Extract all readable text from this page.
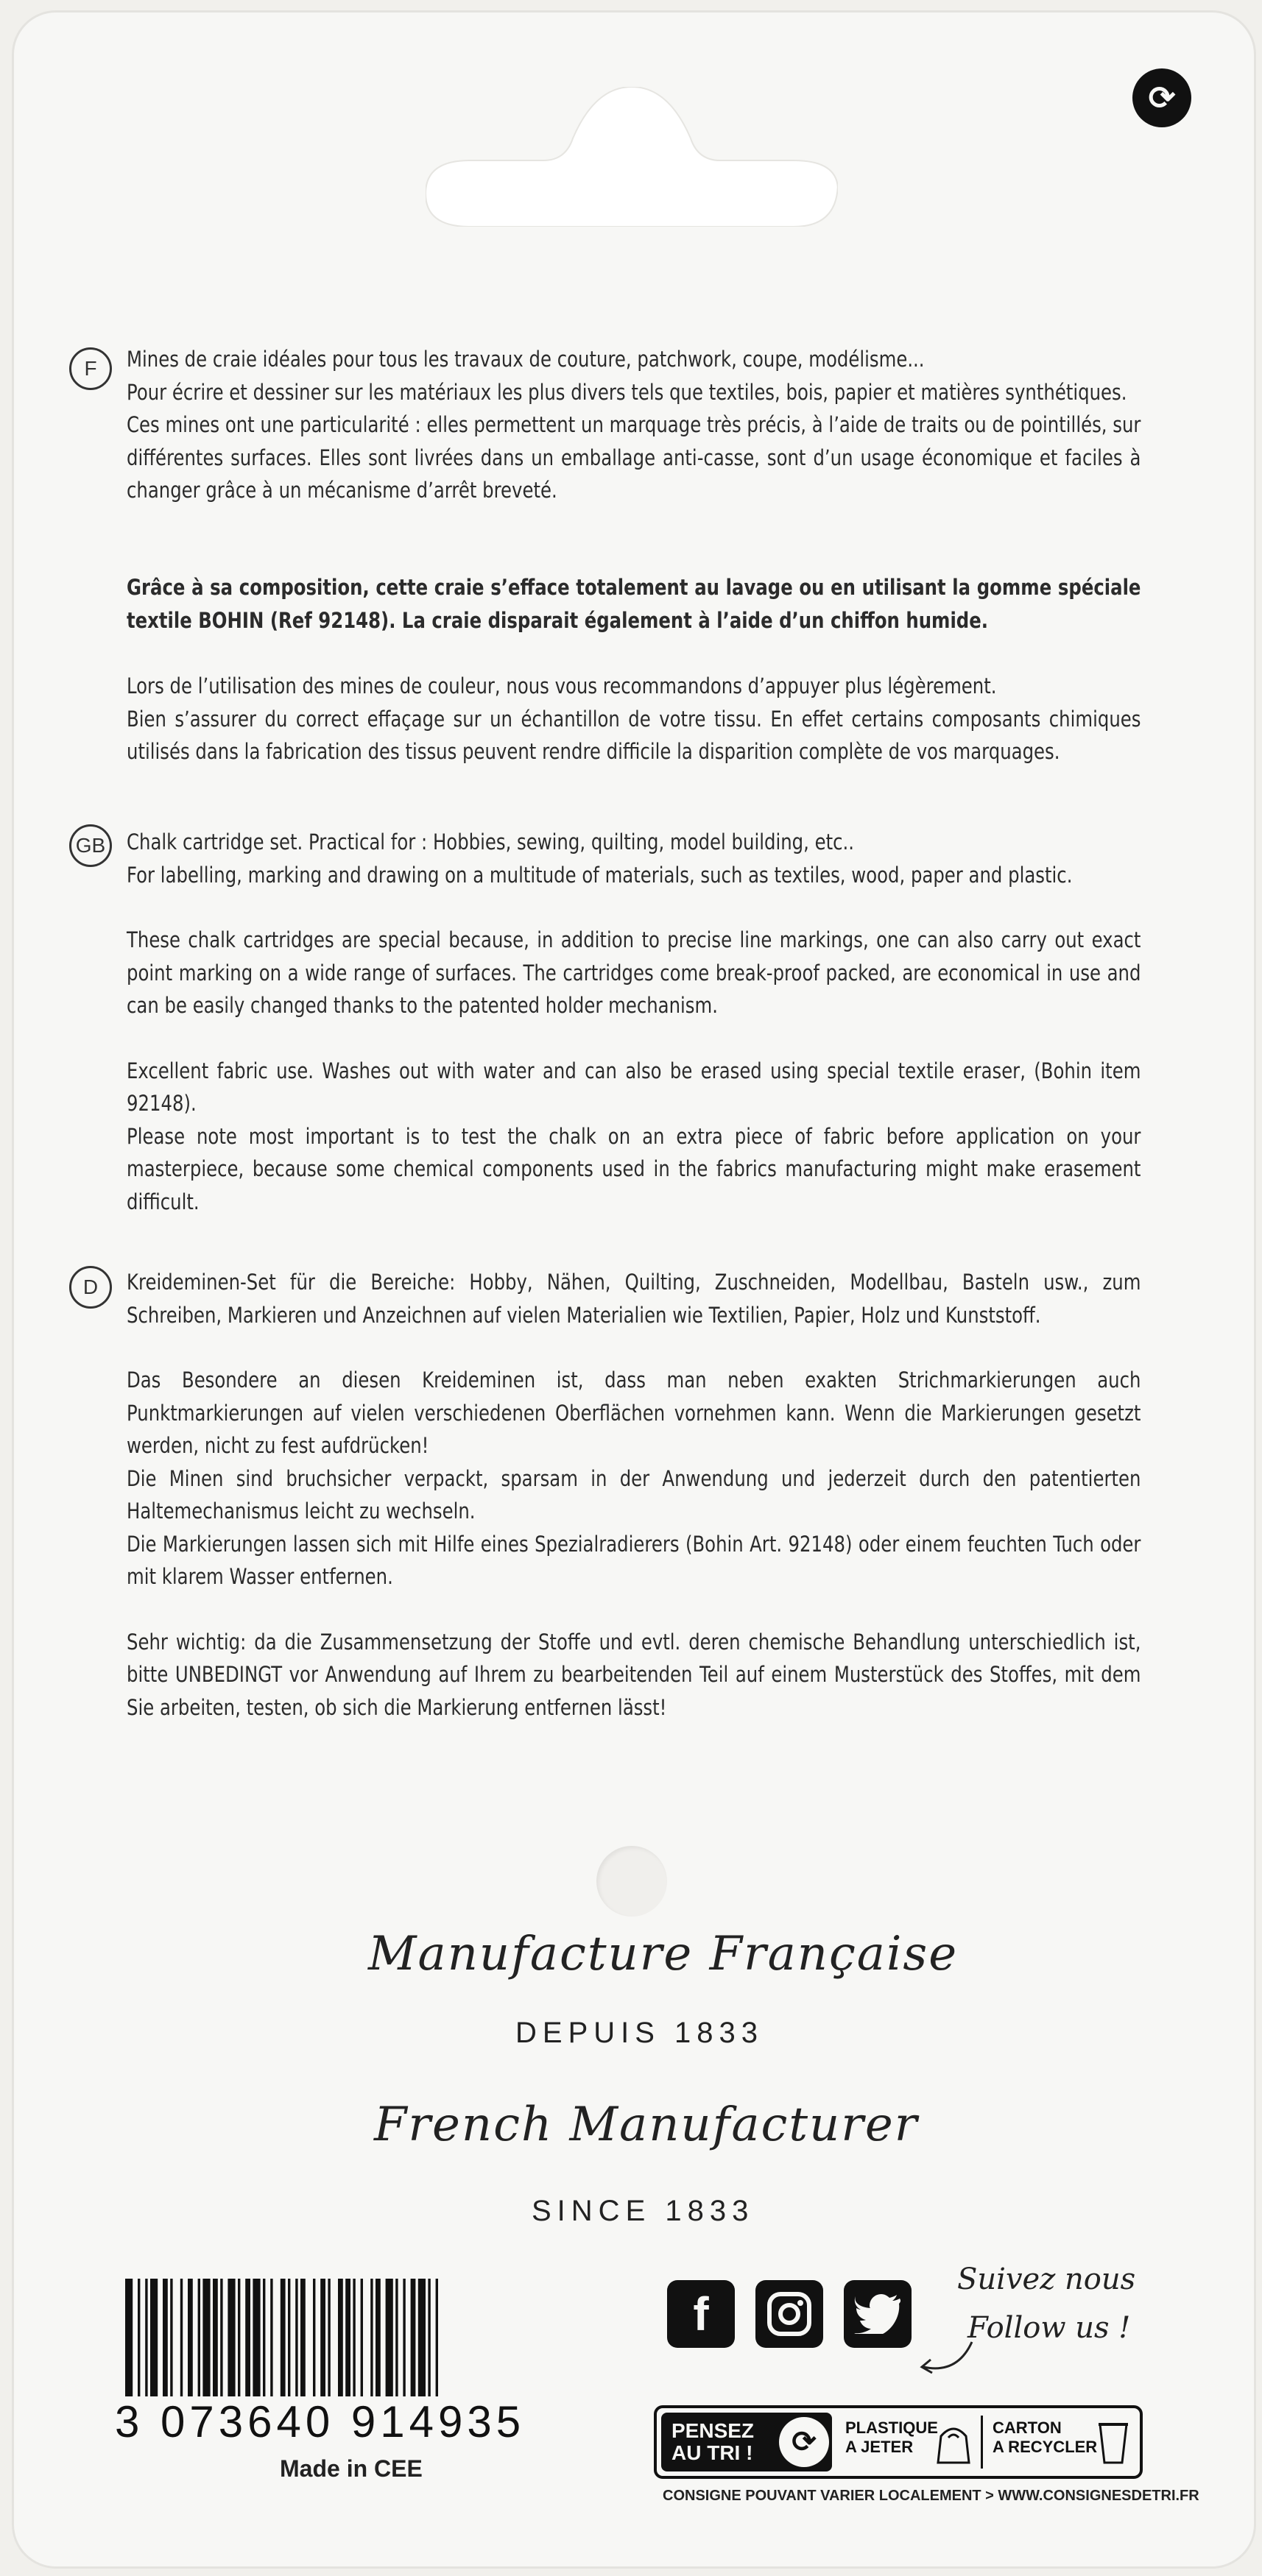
⟳
F	Mines de craie idéales pour tous les travaux de couture, patchwork, coupe, modélisme...

Pour écrire et dessiner sur les matériaux les plus divers tels que textiles, bois, papier et matières synthétiques.

Ces mines ont une particularité : elles permettent un marquage très précis, à l’aide de traits ou de pointillés, sur différentes surfaces. Elles sont livrées dans un emballage anti-casse, sont d’un usage économique et faciles à changer grâce à un mécanisme d’arrêt breveté.

Grâce à sa composition, cette craie s’efface totalement au lavage ou en utilisant la gomme spéciale textile BOHIN (Ref 92148). La craie disparait également à l’aide d’un chiffon humide.

Lors de l’utilisation des mines de couleur, nous vous recommandons d’appuyer plus légèrement.

Bien s’assurer du correct effaçage sur un échantillon de votre tissu. En effet certains composants chimiques utilisés dans la fabrication des tissus peuvent rendre difficile la disparition complète de vos marquages.

GB Chalk cartridge set. Practical for : Hobbies, sewing, quilting, model building, etc..

For labelling, marking and drawing on a multitude of materials, such as textiles, wood, paper and plastic.

These chalk cartridges are special because, in addition to precise line markings, one can also carry out exact point marking on a wide range of surfaces. The cartridges come break-proof packed, are economical in use and can be easily changed thanks to the patented holder mechanism.

Excellent fabric use. Washes out with water and can also be erased using special textile eraser, (Bohin item 92148).

Please note most important is to test the chalk on an extra piece of fabric before application on your masterpiece, because some chemical components used in the fabrics manufacturing might make erasement difficult.

D	Kreideminen-Set für die Bereiche: Hobby, Nähen, Quilting, Zuschneiden, Modellbau, Basteln usw., zum Schreiben, Markieren und Anzeichnen auf vielen Materialien wie Textilien, Papier, Holz und Kunststoff.

Das Besondere an diesen Kreideminen ist, dass man neben exakten Strichmarkierungen auch Punktmarkierungen auf vielen verschiedenen Oberflächen vornehmen kann. Wenn die Markierungen gesetzt werden, nicht zu fest aufdrücken!

Die Minen sind bruchsicher verpackt, sparsam in der Anwendung und jederzeit durch den patentierten Haltemechanismus leicht zu wechseln.

Die Markierungen lassen sich mit Hilfe eines Spezialradierers (Bohin Art. 92148) oder einem feuchten Tuch oder mit klarem Wasser entfernen.

Sehr wichtig: da die Zusammensetzung der Stoffe und evtl. deren chemische Behandlung unterschiedlich ist, bitte UNBEDINGT vor Anwendung auf Ihrem zu bearbeitenden Teil auf einem Musterstück des Stoffes, mit dem Sie arbeiten, testen, ob sich die Markierung entfernen lässt!

Manufacture Française
DEPUIS 1833
French Manufacturer
SINCE 1833
3 073640 914935
Made in CEE
f
Suivez nous
Follow us !
PENSEZ
AU TRI !	⟳	PLASTIQUE
A JETER
CARTON
A RECYCLER
CONSIGNE POUVANT VARIER LOCALEMENT > WWW.CONSIGNESDETRI.FR
